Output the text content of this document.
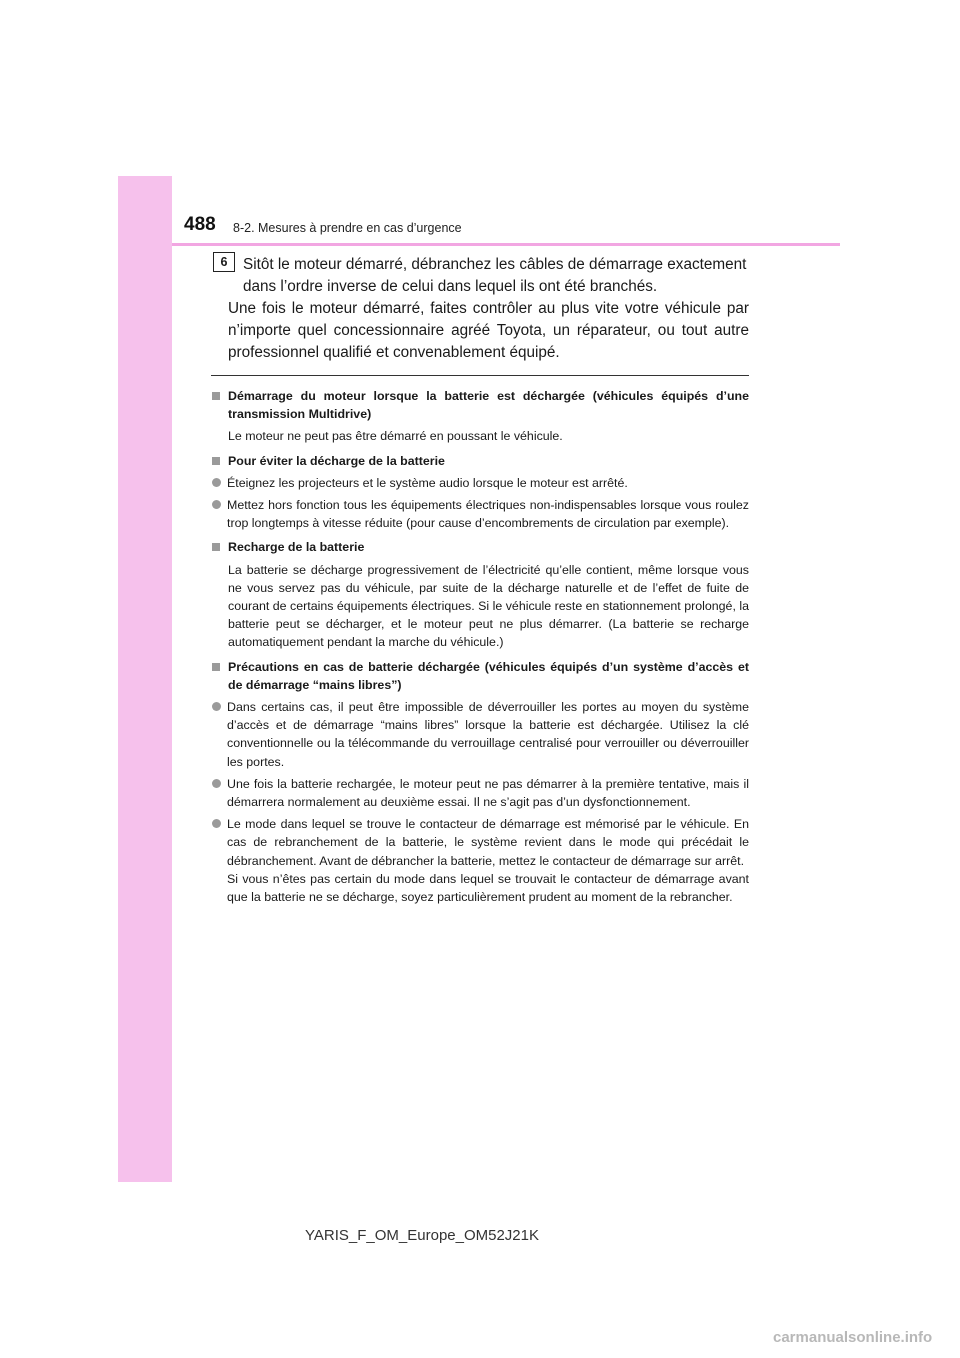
488 8-2. Mesures à prendre en cas d’urgence
6	Sitôt le moteur démarré, débranchez les câbles de démarrage exactement

dans l’ordre inverse de celui dans lequel ils ont été branchés.

Une fois le moteur démarré, faites contrôler au plus vite votre véhicule par n’importe quel concessionnaire agréé Toyota, un réparateur, ou tout autre professionnel qualifié et convenablement équipé.

Démarrage du moteur lorsque la batterie est déchargée (véhicules équipés d’une transmission Multidrive)
Le moteur ne peut pas être démarré en poussant le véhicule.
Pour éviter la décharge de la batterie
Éteignez les projecteurs et le système audio lorsque le moteur est arrêté.
Mettez hors fonction tous les équipements électriques non-indispensables lorsque vous roulez trop longtemps à vitesse réduite (pour cause d’encombrements de circulation par exemple).
Recharge de la batterie
La batterie se décharge progressivement de l’électricité qu’elle contient, même lorsque vous ne vous servez pas du véhicule, par suite de la décharge naturelle et de l’effet de fuite de courant de certains équipements électriques. Si le véhicule reste en stationnement prolongé, la batterie peut se décharger, et le moteur peut ne plus démarrer. (La batterie se recharge automatiquement pendant la marche du véhicule.)
Précautions en cas de batterie déchargée (véhicules équipés d’un système d’accès et de démarrage “mains libres”)
Dans certains cas, il peut être impossible de déverrouiller les portes au moyen du système d’accès et de démarrage “mains libres” lorsque la batterie est déchargée. Utilisez la clé conventionnelle ou la télécommande du verrouillage centralisé pour verrouiller ou déverrouiller les portes.
Une fois la batterie rechargée, le moteur peut ne pas démarrer à la première tentative, mais il démarrera normalement au deuxième essai. Il ne s’agit pas d’un dysfonctionnement.
Le mode dans lequel se trouve le contacteur de démarrage est mémorisé par le véhicule. En cas de rebranchement de la batterie, le système revient dans le mode qui précédait le débranchement. Avant de débrancher la batterie, mettez le contacteur de démarrage sur arrêt.
Si vous n’êtes pas certain du mode dans lequel se trouvait le contacteur de démarrage avant que la batterie ne se décharge, soyez particulièrement prudent au moment de la rebrancher.
YARIS_F_OM_Europe_OM52J21K
carmanualsonline.info
